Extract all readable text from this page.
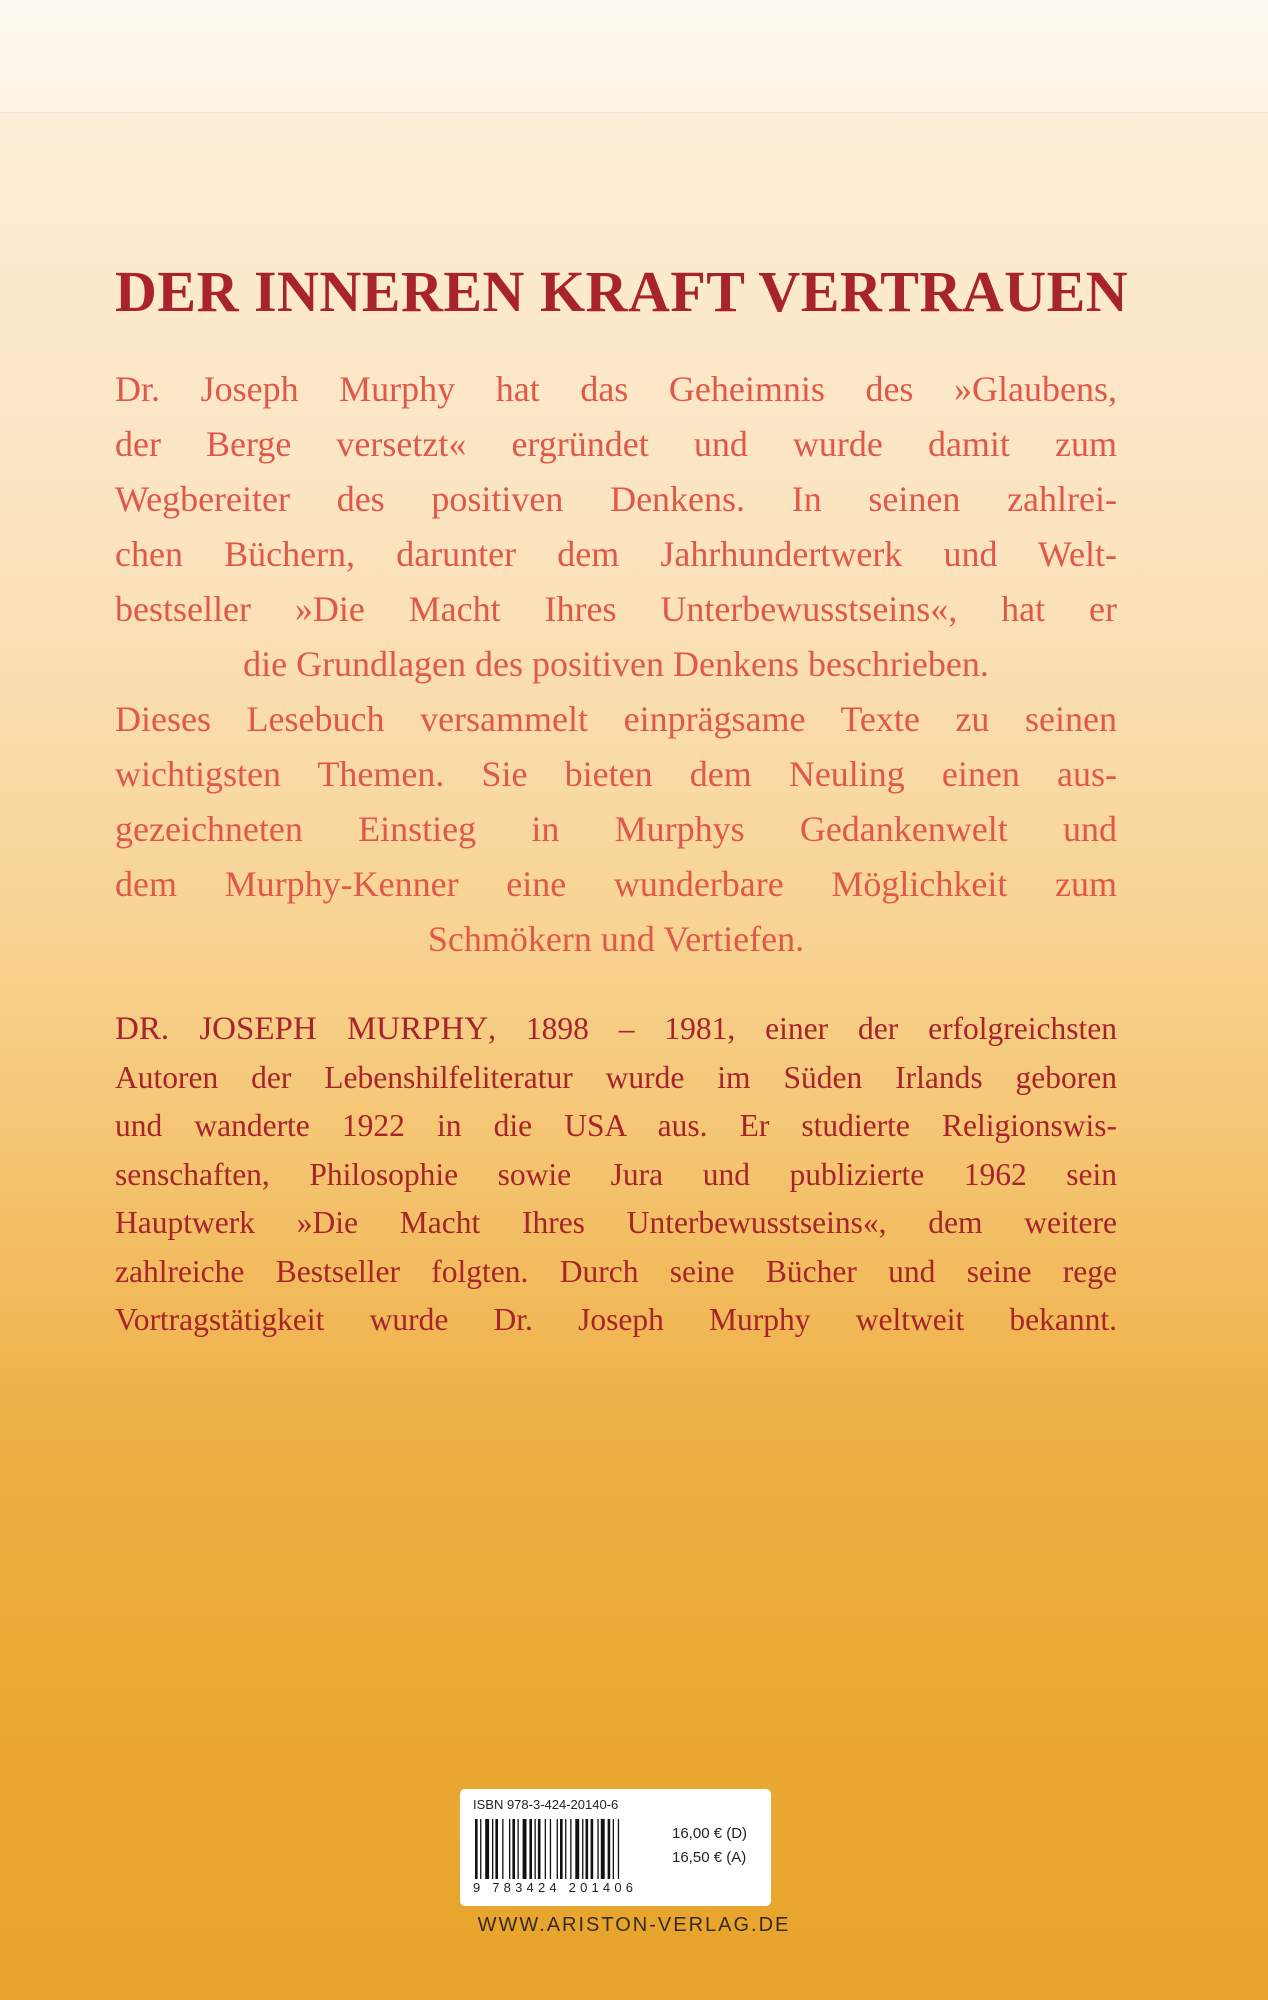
DER INNEREN KRAFT VERTRAUEN
Dr. Joseph Murphy hat das Geheimnis des »Glaubens,
der Berge versetzt« ergründet und wurde damit zum
Wegbereiter des positiven Denkens. In seinen zahlrei-
chen Büchern, darunter dem Jahrhundertwerk und Welt-
bestseller »Die Macht Ihres Unterbewusstseins«, hat er
die Grundlagen des positiven Denkens beschrieben.
Dieses Lesebuch versammelt einprägsame Texte zu seinen
wichtigsten Themen. Sie bieten dem Neuling einen aus-
gezeichneten Einstieg in Murphys Gedankenwelt und
dem Murphy-Kenner eine wunderbare Möglichkeit zum
Schmökern und Vertiefen.
DR. JOSEPH MURPHY, 1898 – 1981, einer der erfolgreichsten
Autoren der Lebenshilfeliteratur wurde im Süden Irlands geboren
und wanderte 1922 in die USA aus. Er studierte Religionswis-
senschaften, Philosophie sowie Jura und publizierte 1962 sein
Hauptwerk »Die Macht Ihres Unterbewusstseins«, dem weitere
zahlreiche Bestseller folgten. Durch seine Bücher und seine rege
Vortragstätigkeit wurde Dr. Joseph Murphy weltweit bekannt.
ISBN 978-3-424-20140-6
9 783424 201406
16,00 € (D)
16,50 € (A)
WWW.ARISTON-VERLAG.DE
